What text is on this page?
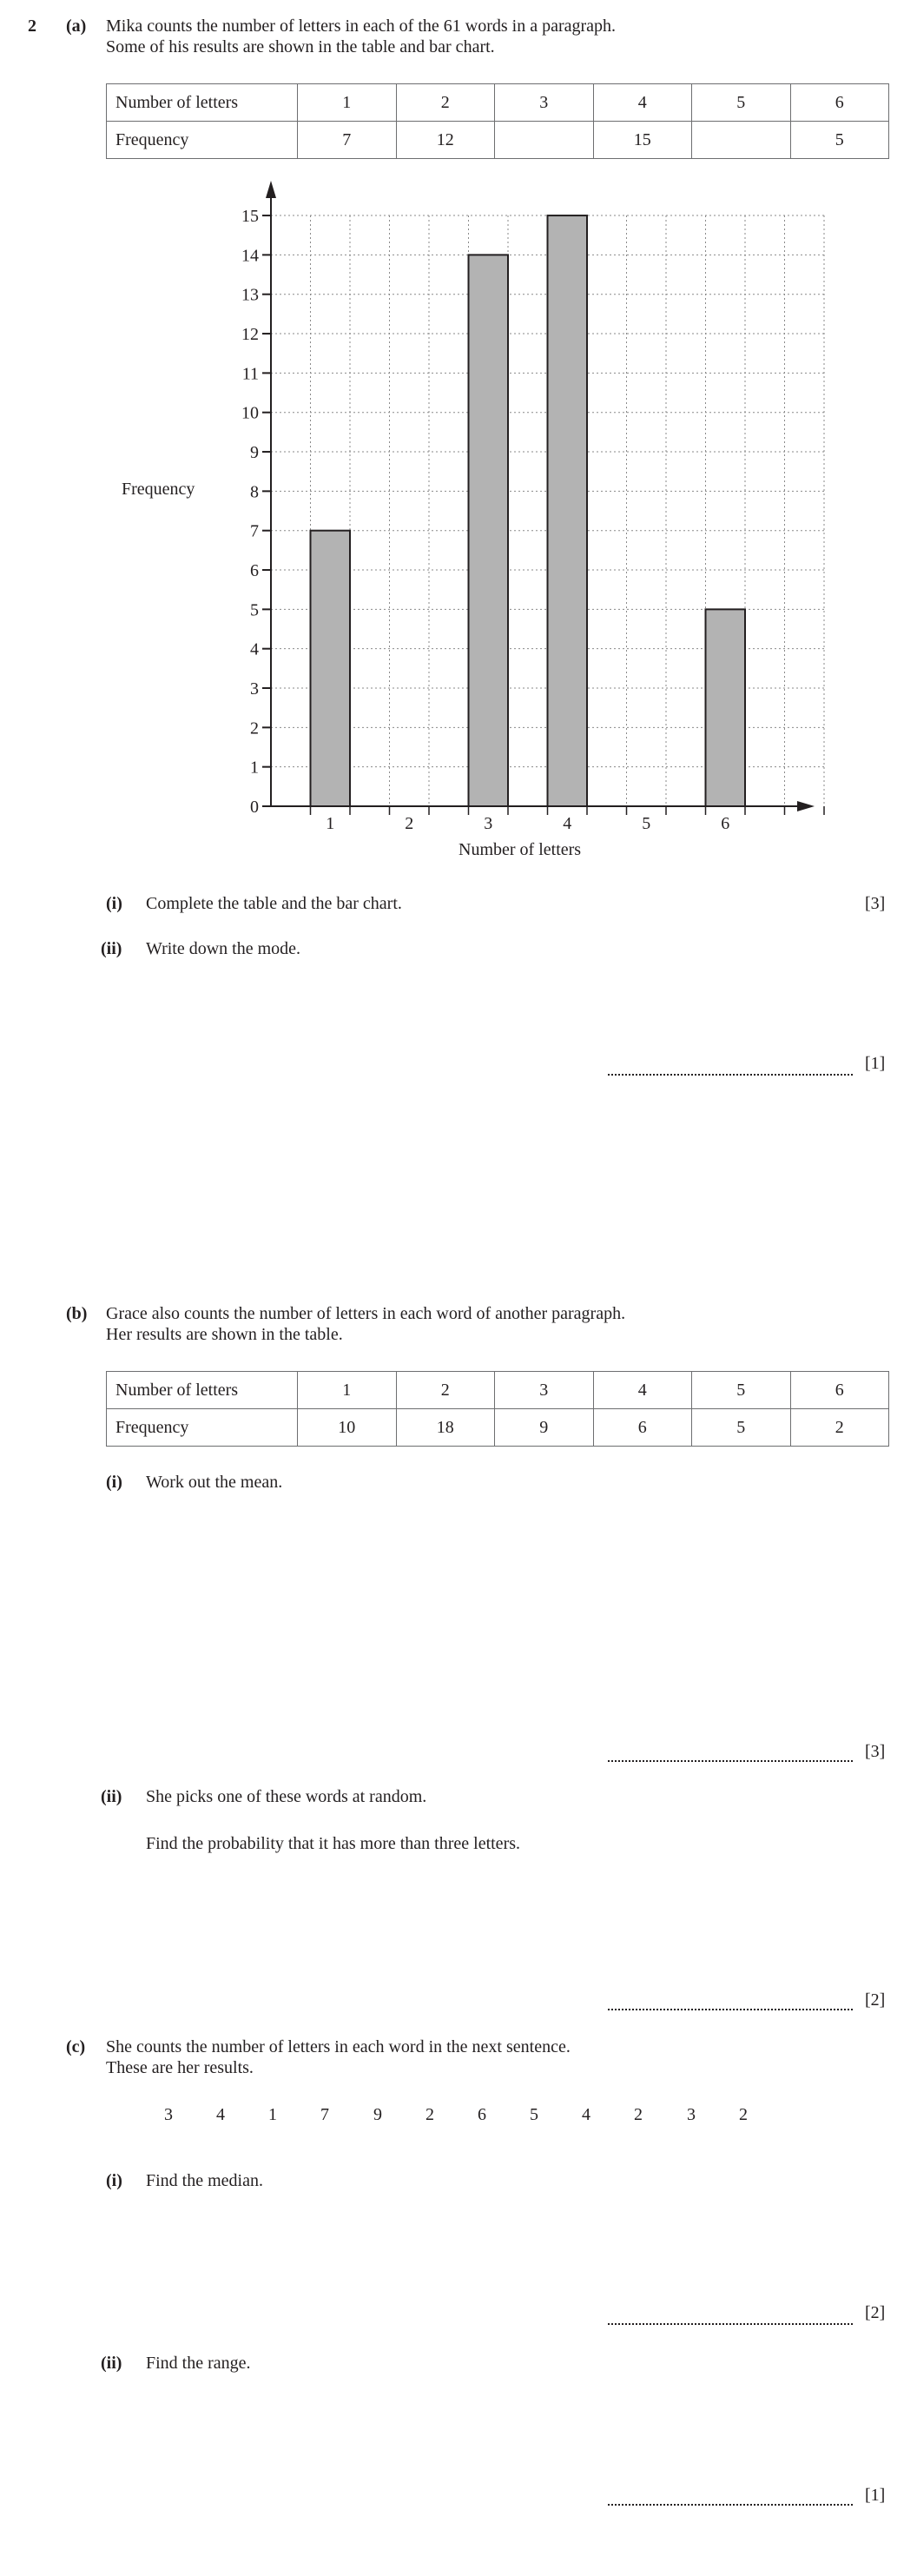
2 (a) Mika counts the number of letters in each of the 61 words in a paragraph.
Some of his results are shown in the table and bar chart.
Number of letters	1	2	3	4	5	6
Frequency	7	12		15		5
Frequency
Number of letters
0
1
2
3
4
5
6
7
8
9
10
11
12
13
14
15
1	2	3	4	5	6
(i) Complete the table and the bar chart.	[3]
(ii) Write down the mode.
[1]
(b) Grace also counts the number of letters in each word of another paragraph.
Her results are shown in the table.
Number of letters	1	2	3	4	5	6
Frequency	10	18	9	6	5	2
(i) Work out the mean.
[3]
(ii) She picks one of these words at random.
Find the probability that it has more than three letters.
[2]
(c) She counts the number of letters in each word in the next sentence.
These are her results.
3	4	1	7	9	2	6	5	4	2	3	2
(i) Find the median.
[2]
(ii) Find the range.
[1]
